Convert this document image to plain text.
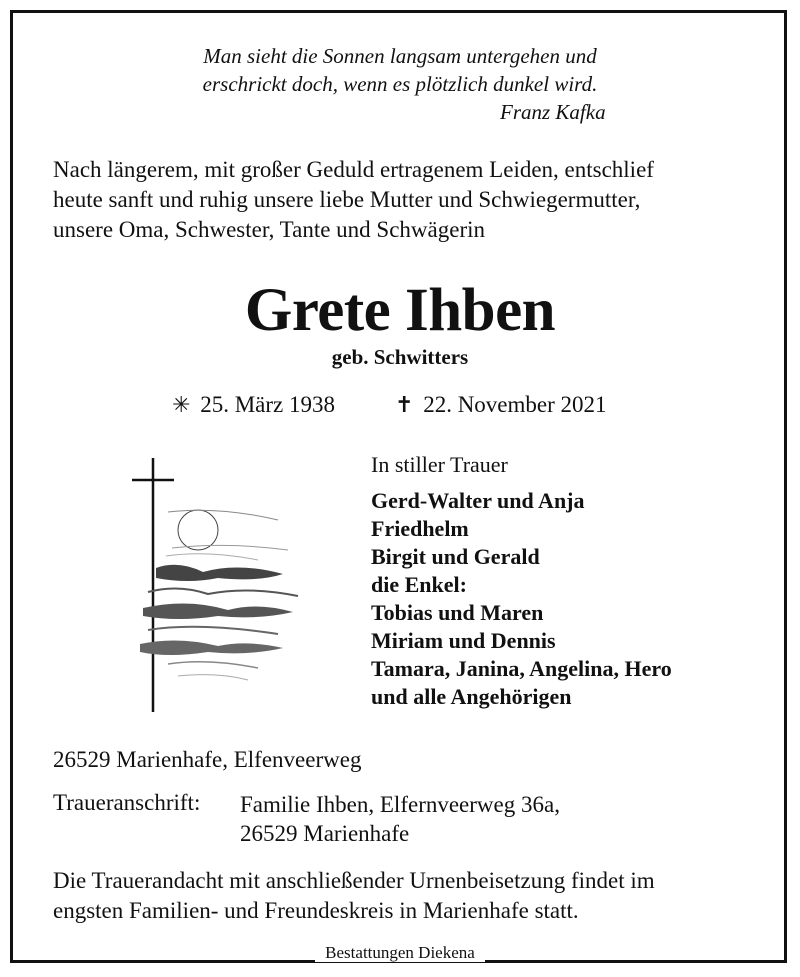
Man sieht die Sonnen langsam untergehen und
erschrickt doch, wenn es plötzlich dunkel wird.
Franz Kafka
Nach längerem, mit großer Geduld ertragenem Leiden, entschlief
heute sanft und ruhig unsere liebe Mutter und Schwiegermutter,
unsere Oma, Schwester, Tante und Schwägerin
Grete Ihben
geb. Schwitters
✳ 25. März 1938	✝ 22. November 2021
In stiller Trauer
Gerd-Walter und Anja
Friedhelm
Birgit und Gerald
die Enkel:
Tobias und Maren
Miriam und Dennis
Tamara, Janina, Angelina, Hero
und alle Angehörigen
26529 Marienhafe, Elfenveerweg
Traueranschrift: Familie Ihben, Elfernveerweg 36a,
26529 Marienhafe
Die Trauerandacht mit anschließender Urnenbeisetzung findet im
engsten Familien- und Freundeskreis in Marienhafe statt.
Bestattungen Diekena
